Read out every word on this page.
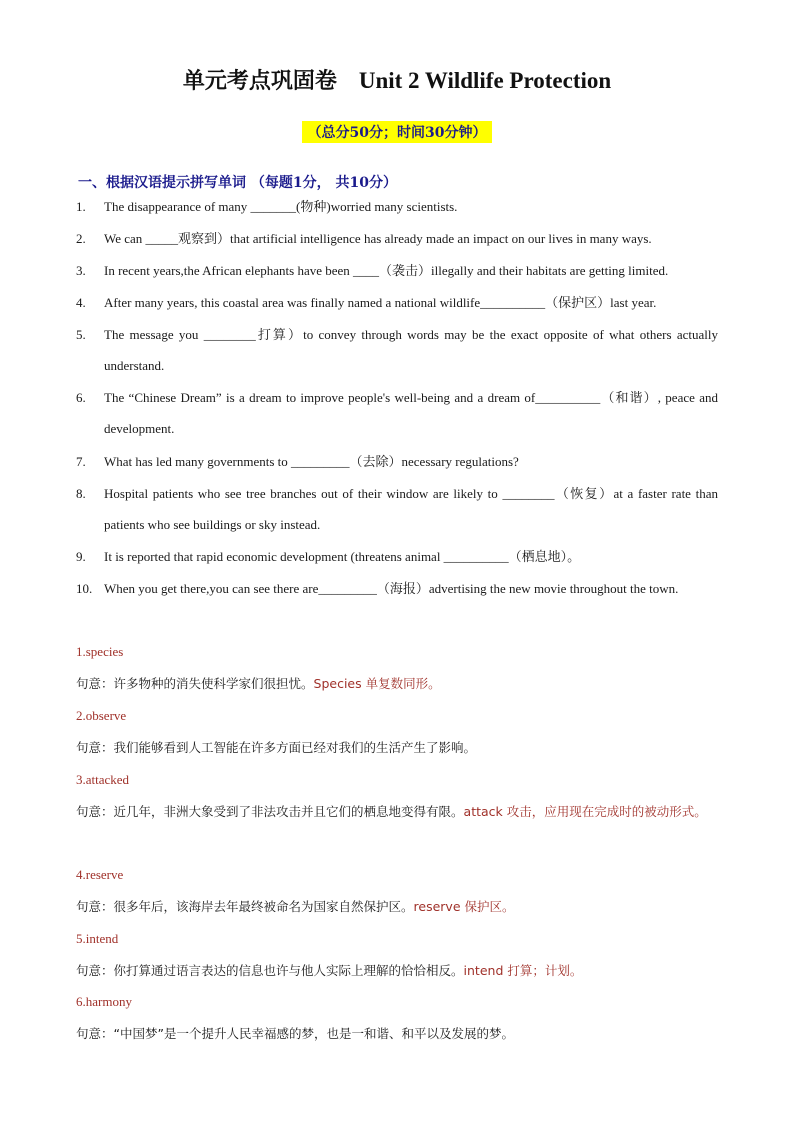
单元考点巩固卷 Unit 2 Wildlife Protection
（总分50分；时间30分钟）
一、根据汉语提示拼写单词 （每题1分， 共10分）
1. The disappearance of many _______(物种)worried many scientists.
2. We can _____观察到）that artificial intelligence has already made an impact on our lives in many ways.
3. In recent years,the African elephants have been ____（袭击）illegally and their habitats are getting limited.
4. After many years, this coastal area was finally named a national wildlife__________（保护区）last year.
5. The message you ________打算）to convey through words may be the exact opposite of what others actually understand.
6. The “Chinese Dream” is a dream to improve people's well-being and a dream of__________（和谐）, peace and development.
7. What has led many governments to _________（去除）necessary regulations?
8. Hospital patients who see tree branches out of their window are likely to ________（恢复）at a faster rate than patients who see buildings or sky instead.
9. It is reported that rapid economic development (threatens animal __________（栖息地）。
10. When you get there,you can see there are_________（海报）advertising the new movie throughout the town.
1.species
句意：许多物种的消失使科学家们很担忧。Species 单复数同形。
2.observe
句意：我们能够看到人工智能在许多方面已经对我们的生活产生了影响。
3.attacked
句意：近几年，非洲大象受到了非法攻击并且它们的栖息地变得有限。attack 攻击，应用现在完成时的被动形式。
4.reserve
句意：很多年后，该海岸去年最终被命名为国家自然保护区。reserve 保护区。
5.intend
句意：你打算通过语言表达的信息也许与他人实际上理解的恰恰相反。intend 打算；计划。
6.harmony
句意：“中国梦”是一个提升人民幸福感的梦，也是一和谐、和平以及发展的梦。
